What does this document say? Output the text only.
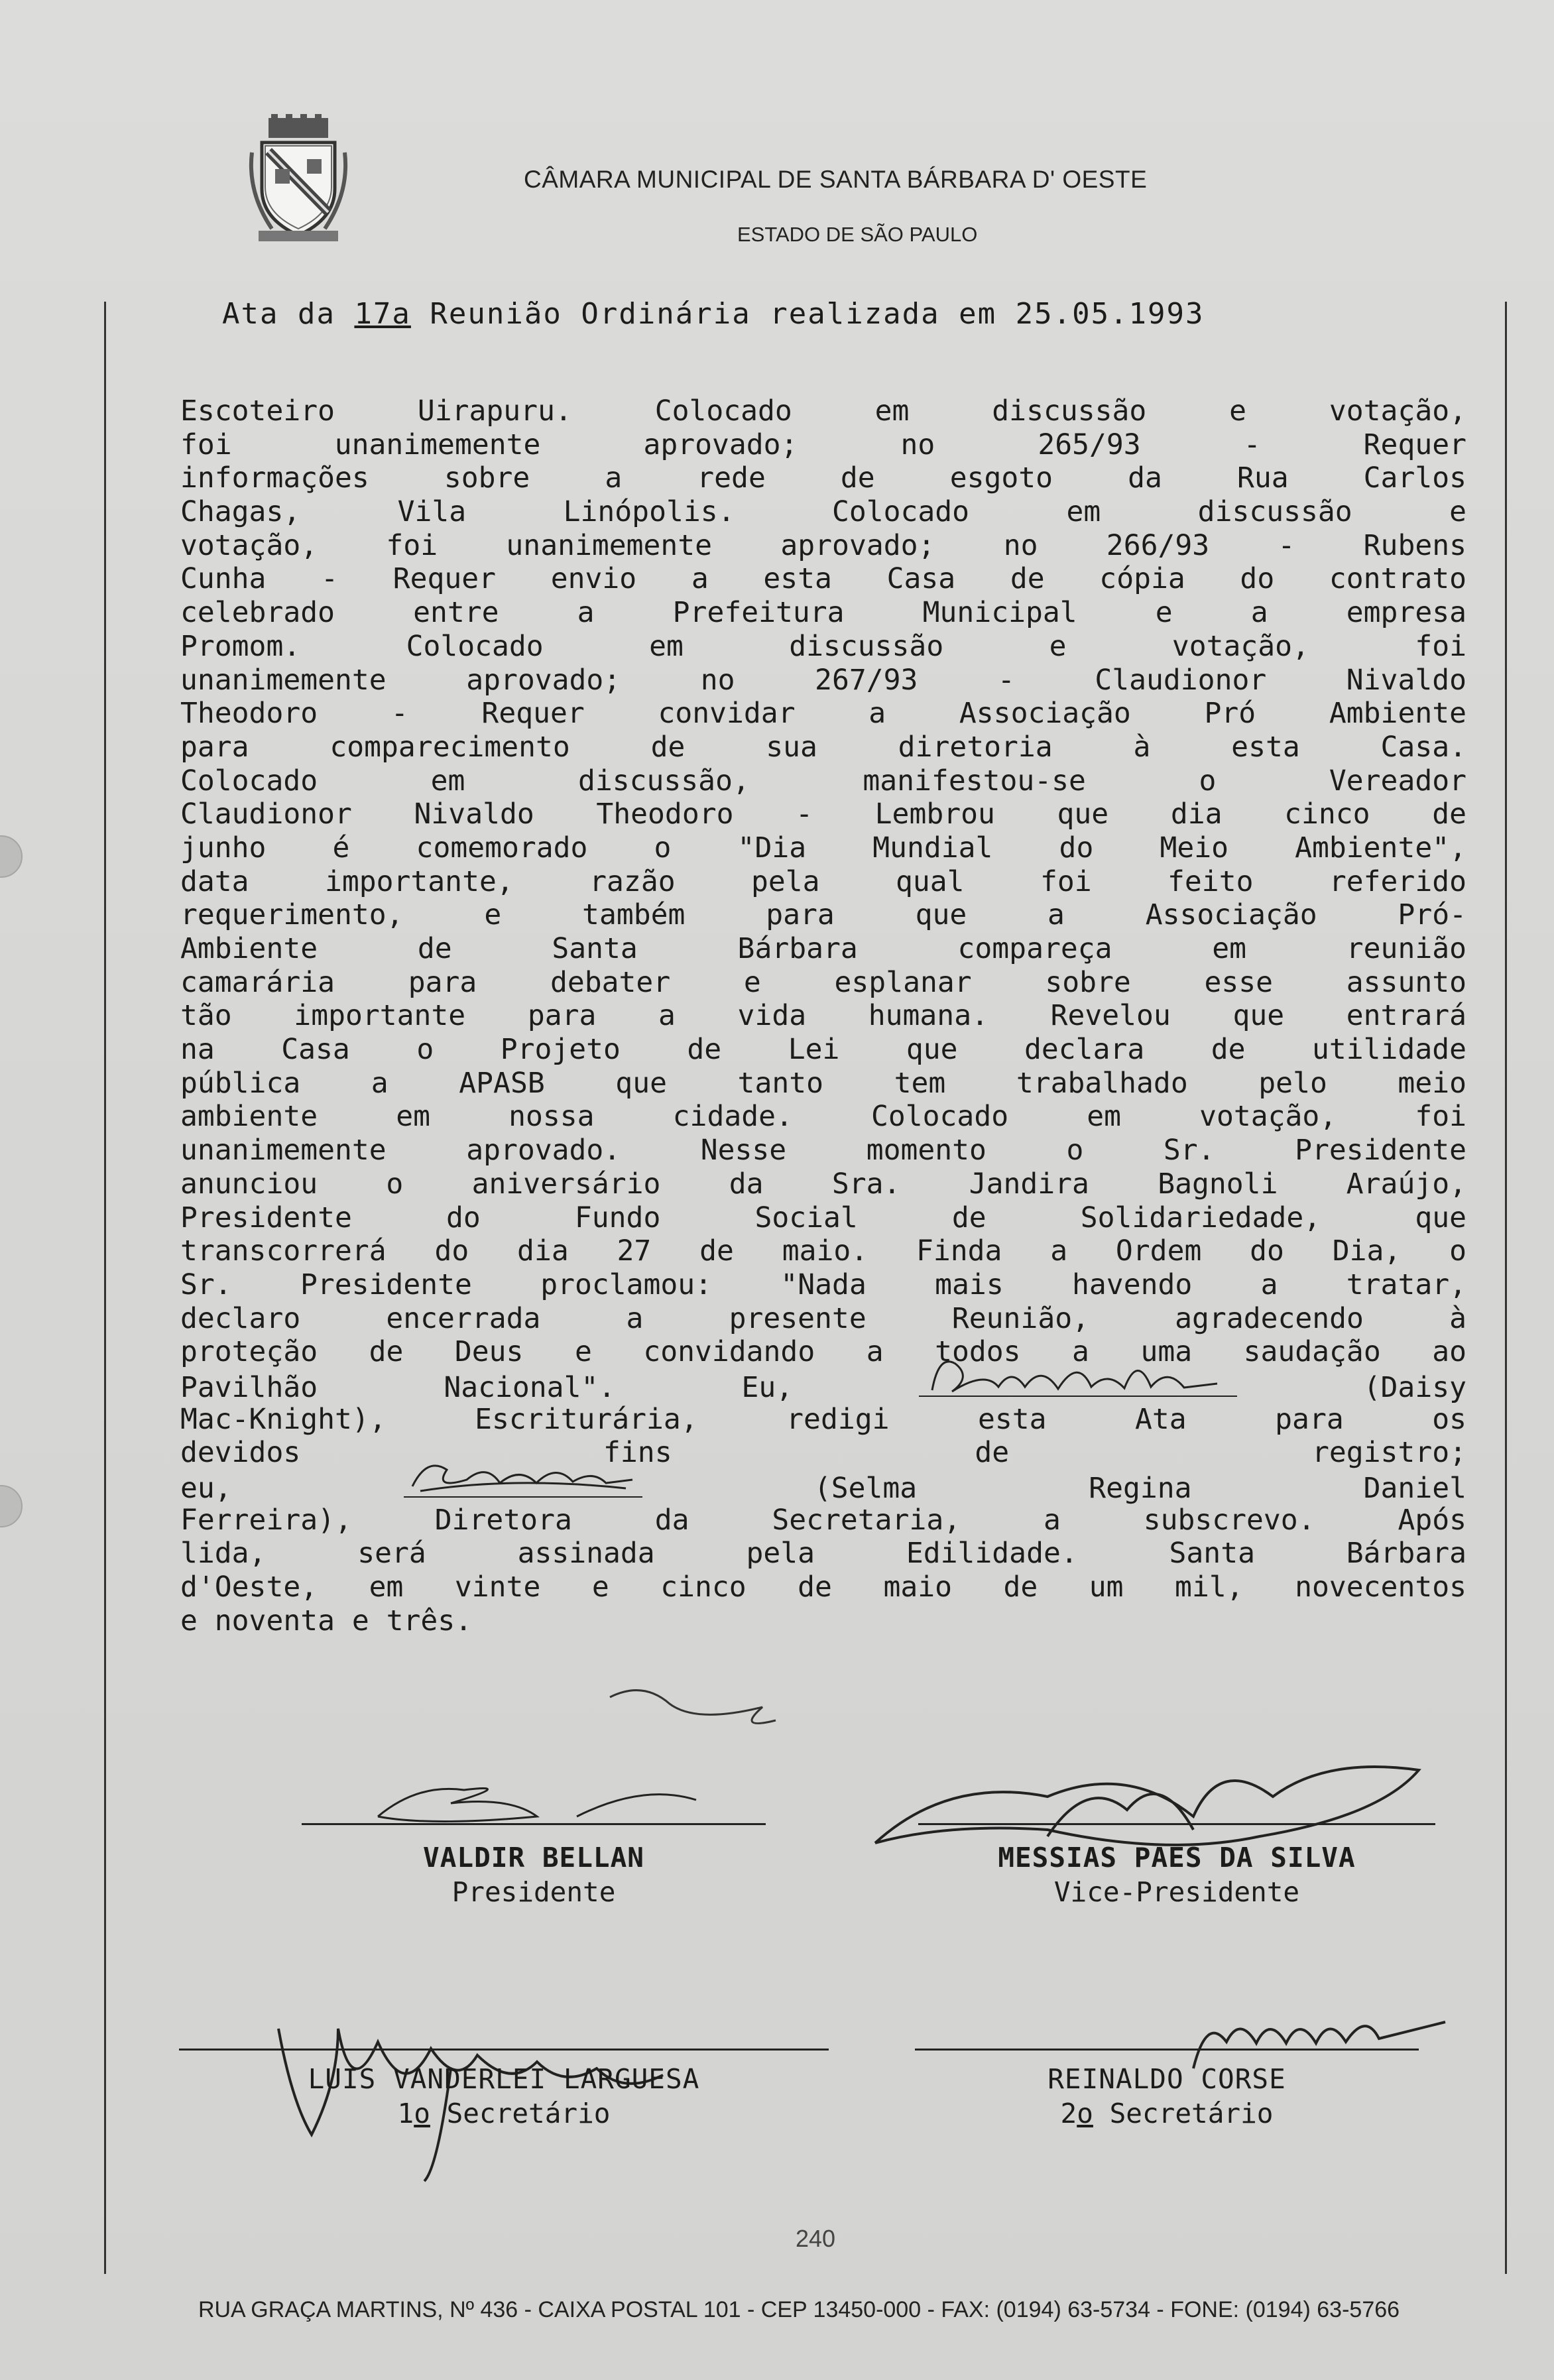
CÂMARA MUNICIPAL DE SANTA BÁRBARA D' OESTE
ESTADO DE SÃO PAULO
Ata da 17a Reunião Ordinária realizada em 25.05.1993
Escoteiro Uirapuru. Colocado em discussão e votação,
foi unanimemente aprovado; no 265/93 - Requer
informações sobre a rede de esgoto da Rua Carlos
Chagas, Vila Linópolis. Colocado em discussão e
votação, foi unanimemente aprovado; no 266/93 - Rubens
Cunha - Requer envio a esta Casa de cópia do contrato
celebrado entre a Prefeitura Municipal e a empresa
Promom. Colocado em discussão e votação, foi
unanimemente aprovado; no 267/93 - Claudionor Nivaldo
Theodoro - Requer convidar a Associação Pró Ambiente
para comparecimento de sua diretoria à esta Casa.
Colocado em discussão, manifestou-se o Vereador
Claudionor Nivaldo Theodoro - Lembrou que dia cinco de
junho é comemorado o "Dia Mundial do Meio Ambiente",
data importante, razão pela qual foi feito referido
requerimento, e também para que a Associação Pró-
Ambiente de Santa Bárbara compareça em reunião
camarária para debater e esplanar sobre esse assunto
tão importante para a vida humana. Revelou que entrará
na Casa o Projeto de Lei que declara de utilidade
pública a APASB que tanto tem trabalhado pelo meio
ambiente em nossa cidade. Colocado em votação, foi
unanimemente aprovado. Nesse momento o Sr. Presidente
anunciou o aniversário da Sra. Jandira Bagnoli Araújo,
Presidente do Fundo Social de Solidariedade, que
transcorrerá do dia 27 de maio. Finda a Ordem do Dia, o
Sr. Presidente proclamou: "Nada mais havendo a tratar,
declaro encerrada a presente Reunião, agradecendo à
proteção de Deus e convidando a todos a uma saudação ao
Pavilhão Nacional". Eu,	(Daisy
Mac-Knight), Escriturária, redigi esta Ata para os
devidos fins de registro;
eu,	(Selma Regina Daniel
Ferreira), Diretora da Secretaria, a subscrevo. Após
lida, será assinada pela Edilidade. Santa Bárbara
d'Oeste, em vinte e cinco de maio de um mil, novecentos
e noventa e três.
VALDIR BELLAN
Presidente
MESSIAS PAES DA SILVA
Vice-Presidente
LUIS VANDERLEI LARGUESA
1o Secretário
REINALDO CORSE
2o Secretário
240
RUA GRAÇA MARTINS, Nº 436 - CAIXA POSTAL 101 - CEP 13450-000 - FAX: (0194) 63-5734 - FONE: (0194) 63-5766
